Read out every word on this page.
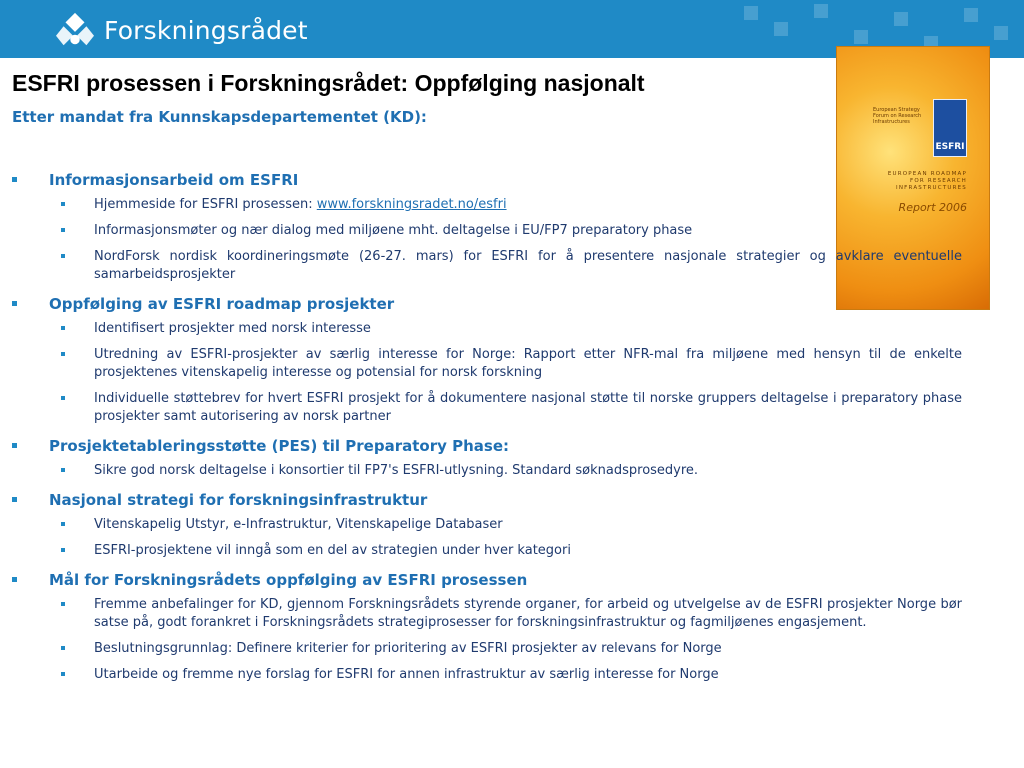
Forskningsrådet
ESFRI prosessen i Forskningsrådet: Oppfølging nasjonalt
Etter mandat fra Kunnskapsdepartementet (KD):	European Strategy Forum on Research Infrastructures
ESFRI
EUROPEAN ROADMAP FOR RESEARCH INFRASTRUCTURES
Report 2006
Informasjonsarbeid om ESFRI
Hjemmeside for ESFRI prosessen: www.forskningsradet.no/esfri
Informasjonsmøter og nær dialog med miljøene mht. deltagelse i EU/FP7 preparatory phase
NordForsk nordisk koordineringsmøte (26-27. mars) for ESFRI for å presentere nasjonale strategier og avklare eventuelle samarbeidsprosjekter
Oppfølging av ESFRI roadmap prosjekter
Identifisert prosjekter med norsk interesse
Utredning av ESFRI-prosjekter av særlig interesse for Norge: Rapport etter NFR-mal fra miljøene med hensyn til de enkelte prosjektenes vitenskapelig interesse og potensial for norsk forskning
Individuelle støttebrev for hvert ESFRI prosjekt for å dokumentere nasjonal støtte til norske gruppers deltagelse i preparatory phase prosjekter samt autorisering av norsk partner
Prosjektetableringsstøtte (PES) til Preparatory Phase:
Sikre god norsk deltagelse i konsortier til FP7's ESFRI-utlysning. Standard søknadsprosedyre.
Nasjonal strategi for forskningsinfrastruktur
Vitenskapelig Utstyr, e-Infrastruktur, Vitenskapelige Databaser
ESFRI-prosjektene vil inngå som en del av strategien under hver kategori
Mål for Forskningsrådets oppfølging av ESFRI prosessen
Fremme anbefalinger for KD, gjennom Forskningsrådets styrende organer, for arbeid og utvelgelse av de ESFRI prosjekter Norge bør satse på, godt forankret i Forskningsrådets strategiprosesser for forskningsinfrastruktur og fagmiljøenes engasjement.
Beslutningsgrunnlag: Definere kriterier for prioritering av ESFRI prosjekter av relevans for Norge
Utarbeide og fremme nye forslag for ESFRI for annen infrastruktur av særlig interesse for Norge
